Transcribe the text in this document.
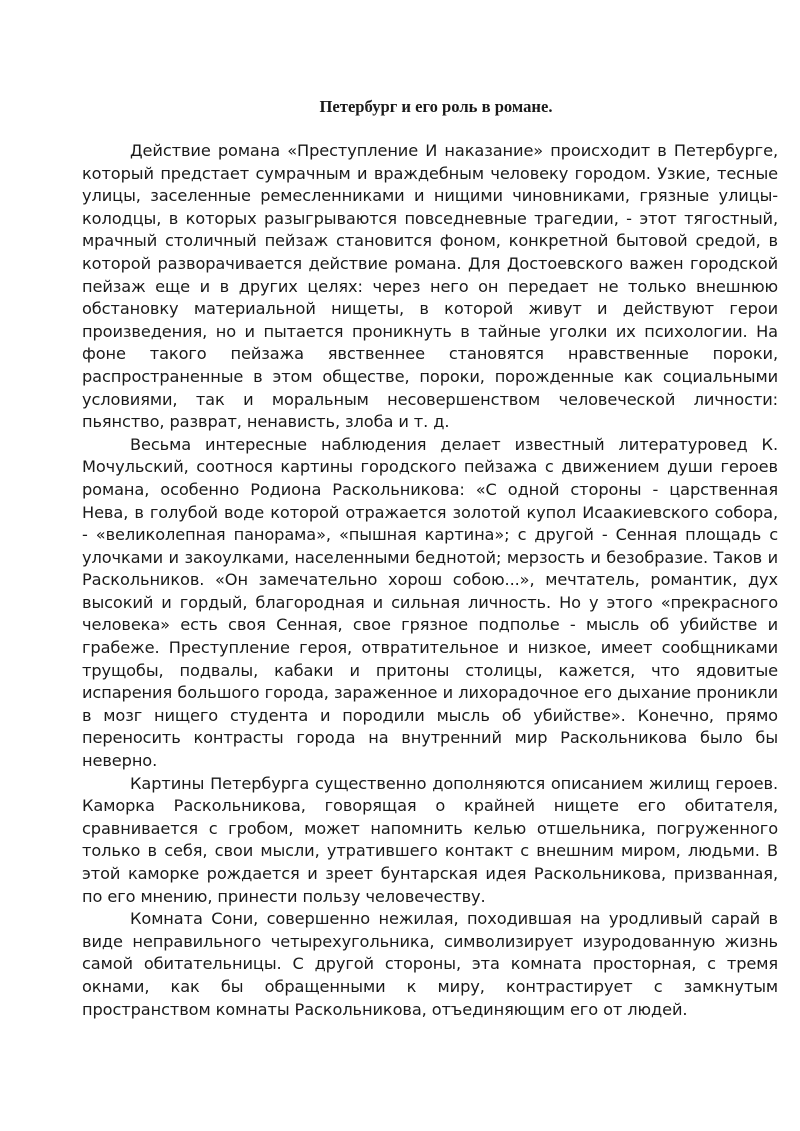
Петербург и его роль в романе.

Действие романа «Преступление И наказание» происходит в Петербурге, который предстает сумрачным и враждебным человеку городом. Узкие, тесные улицы, заселенные ремесленниками и нищими чиновниками, грязные улицы-колодцы, в которых разыгрываются повседневные трагедии, - этот тягостный, мрачный столичный пейзаж становится фоном, конкретной бытовой средой, в которой разворачивается действие романа. Для Достоевского важен городской пейзаж еще и в других целях: через него он передает не только внешнюю обстановку материальной нищеты, в которой живут и действуют герои произведения, но и пытается проникнуть в тайные уголки их психологии. На фоне такого пейзажа явственнее становятся нравственные пороки, распространенные в этом обществе, пороки, порожденные как социальными условиями, так и моральным несовершенством человеческой личности: пьянство, разврат, ненависть, злоба и т. д.

Весьма интересные наблюдения делает известный литературовед К. Мочульский, соотнося картины городского пейзажа с движением души героев романа, особенно Родиона Раскольникова: «С одной стороны - царственная Нева, в голубой воде которой отражается золотой купол Исаакиевского собора, - «великолепная панорама», «пышная картина»; с другой - Сенная площадь с улочками и закоулками, населенными беднотой; мерзость и безобразие. Таков и Раскольников. «Он замечательно хорош собою...», мечтатель, романтик, дух высокий и гордый, благородная и сильная личность. Но у этого «прекрасного человека» есть своя Сенная, свое грязное подполье - мысль об убийстве и грабеже. Преступление героя, отвратительное и низкое, имеет сообщниками трущобы, подвалы, кабаки и притоны столицы, кажется, что ядовитые испарения большого города, зараженное и лихорадочное его дыхание проникли в мозг нищего студента и породили мысль об убийстве». Конечно, прямо переносить контрасты города на внутренний мир Раскольникова было бы неверно.

Картины Петербурга существенно дополняются описанием жилищ героев. Каморка Раскольникова, говорящая о крайней нищете его обитателя, сравнивается с гробом, может напомнить келью отшельника, погруженного только в себя, свои мысли, утратившего контакт с внешним миром, людьми. В этой каморке рождается и зреет бунтарская идея Раскольникова, призванная, по его мнению, принести пользу человечеству.

Комната Сони, совершенно нежилая, походившая на уродливый сарай в виде неправильного четырехугольника, символизирует изуродованную жизнь самой обитательницы. С другой стороны, эта комната просторная, с тремя окнами, как бы обращенными к миру, контрастирует с замкнутым пространством комнаты Раскольникова, отъединяющим его от людей.
